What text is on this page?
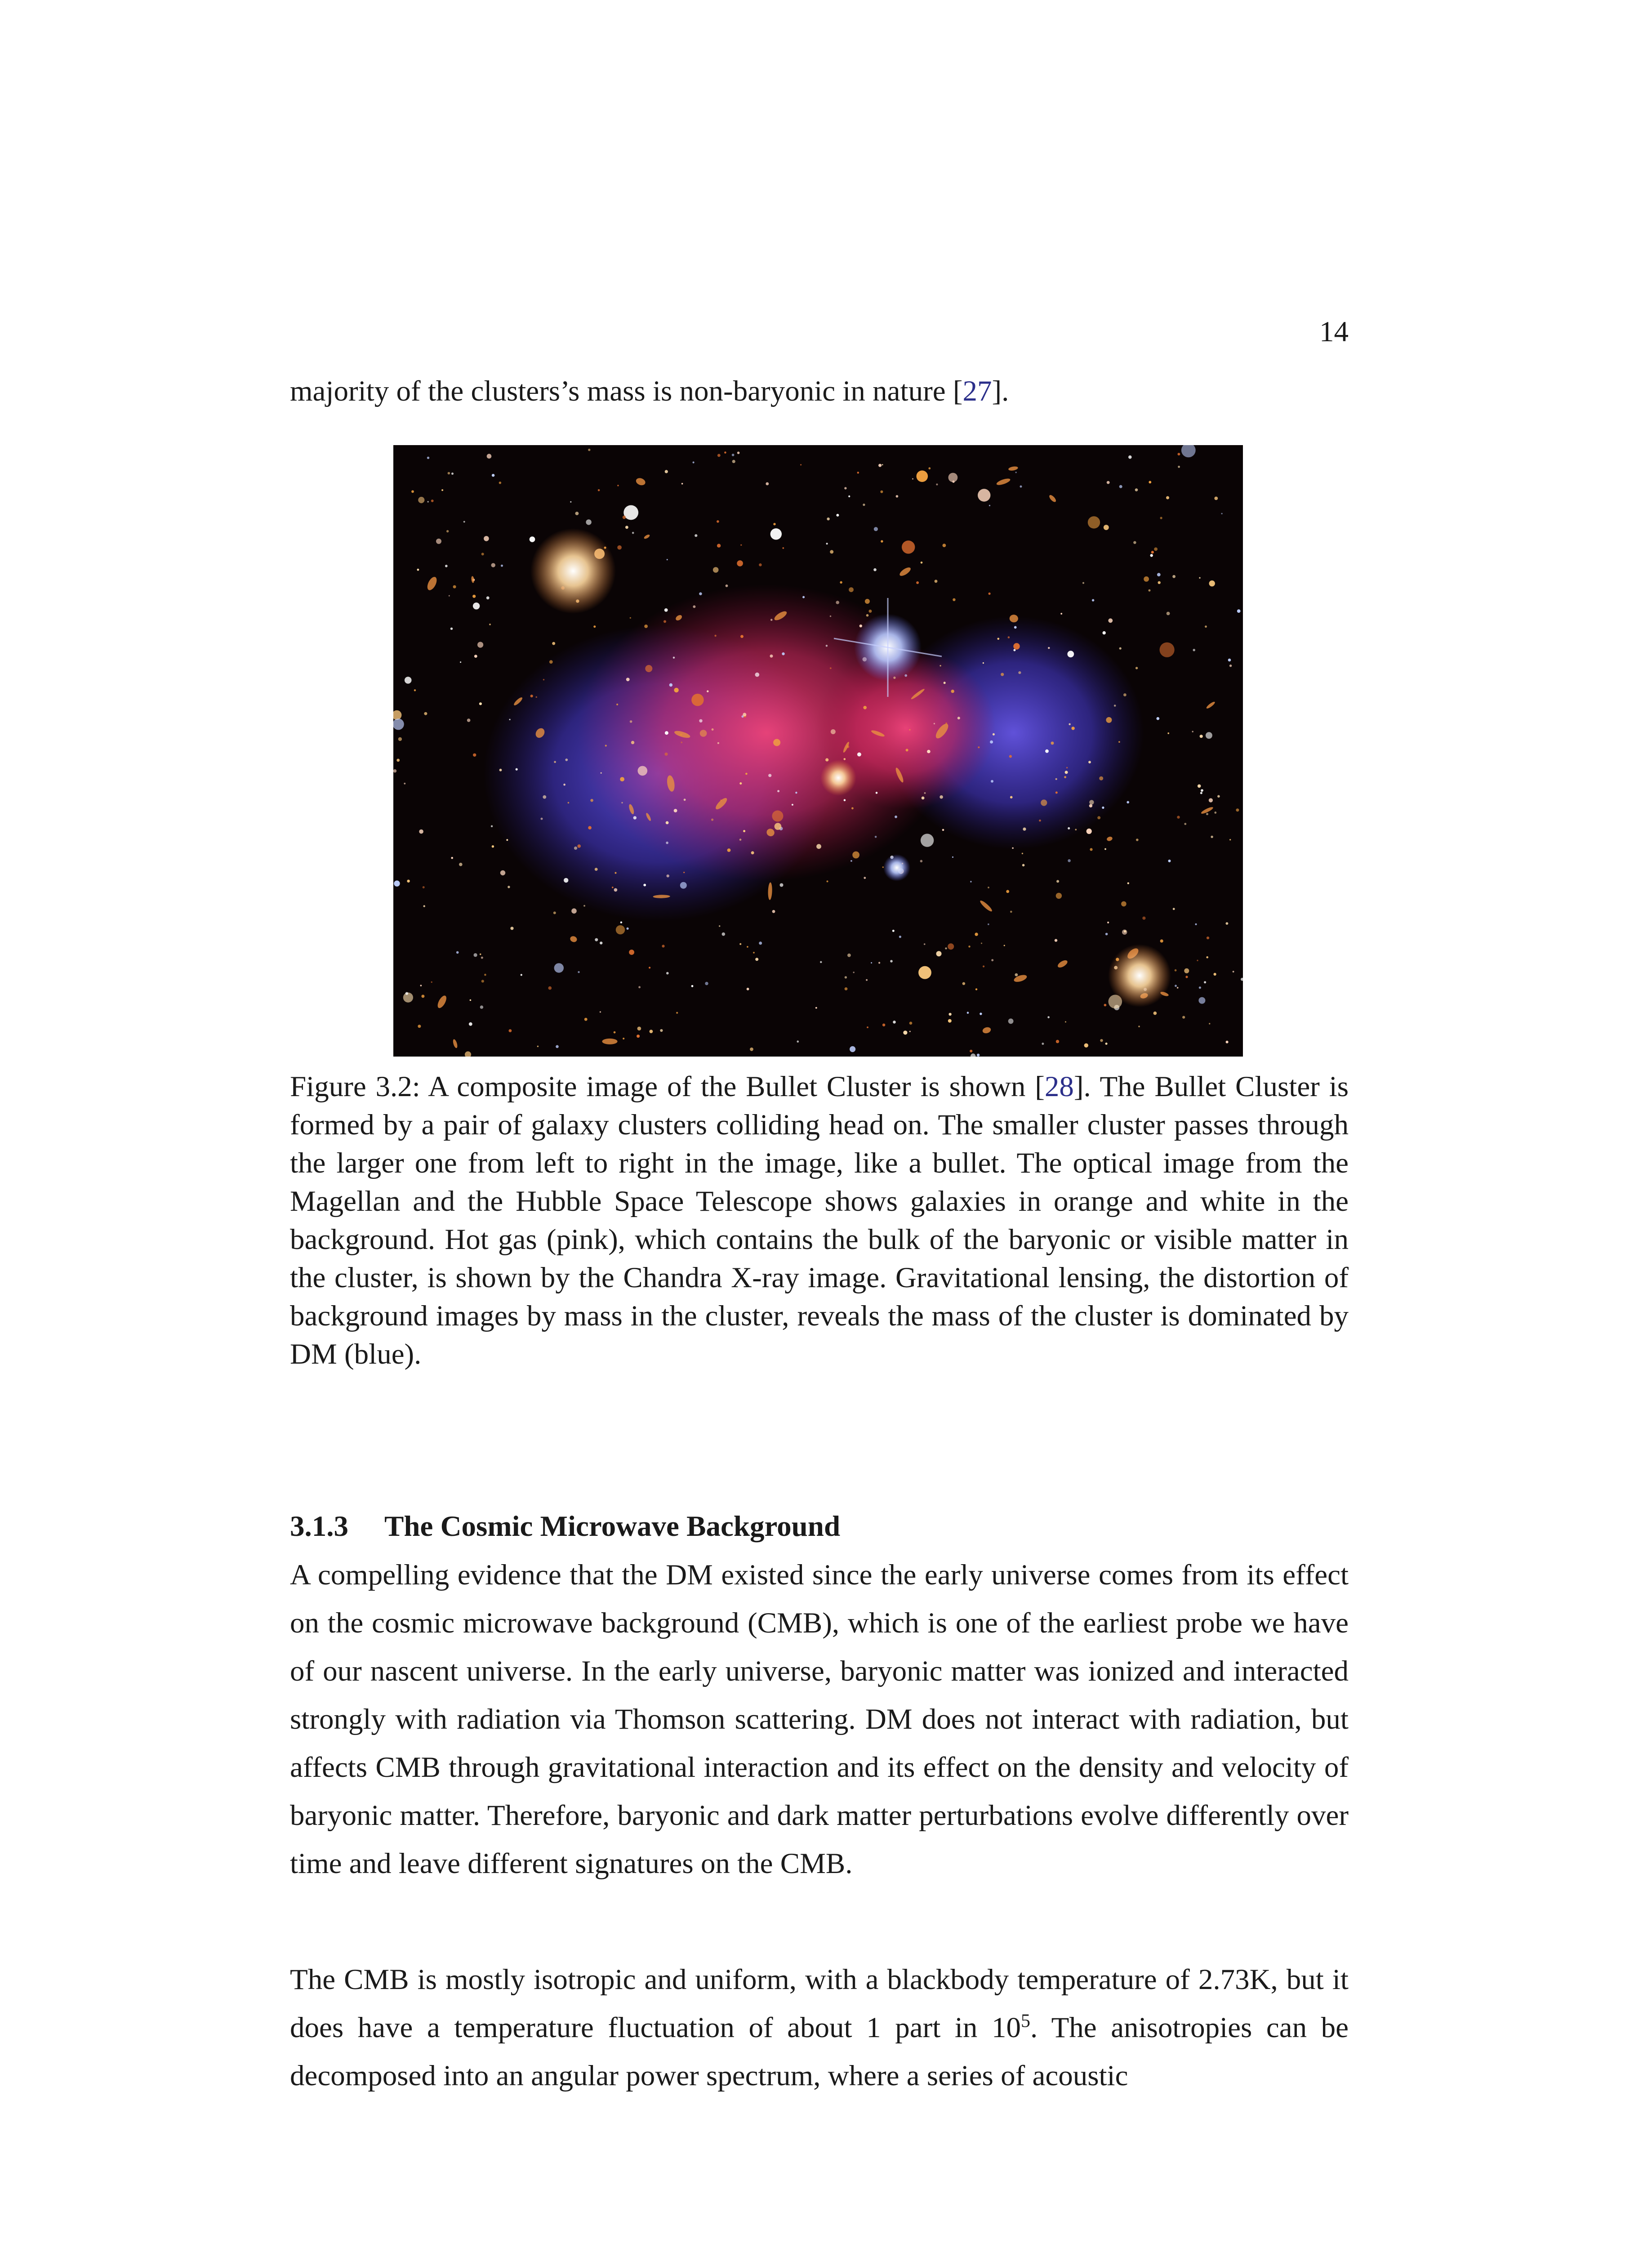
14
majority of the clusters’s mass is non-baryonic in nature [27].
Figure 3.2: A composite image of the Bullet Cluster is shown [28]. The Bullet Cluster is formed by a pair of galaxy clusters colliding head on. The smaller cluster passes through the larger one from left to right in the image, like a bullet. The optical image from the Magellan and the Hubble Space Telescope shows galaxies in orange and white in the background. Hot gas (pink), which contains the bulk of the baryonic or visible matter in the cluster, is shown by the Chandra X-ray image. Gravitational lensing, the distortion of background images by mass in the cluster, reveals the mass of the cluster is dominated by DM (blue).
3.1.3 The Cosmic Microwave Background
A compelling evidence that the DM existed since the early universe comes from its effect on the cosmic microwave background (CMB), which is one of the earliest probe we have of our nascent universe. In the early universe, baryonic matter was ionized and interacted strongly with radiation via Thomson scattering. DM does not interact with radiation, but affects CMB through gravitational interaction and its effect on the density and velocity of baryonic matter. Therefore, baryonic and dark matter perturbations evolve differently over time and leave different signatures on the CMB.
The CMB is mostly isotropic and uniform, with a blackbody temperature of 2.73K, but it does have a temperature fluctuation of about 1 part in $10^5$. The anisotropies can be decomposed into an angular power spectrum, where a series of acoustic
